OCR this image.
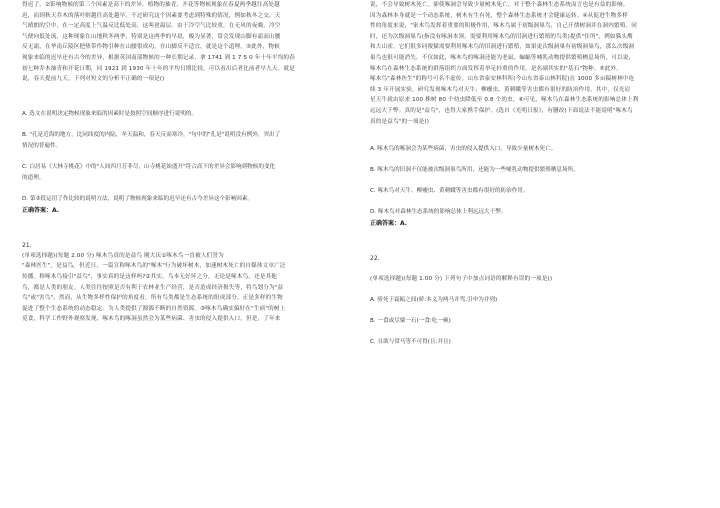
得迟了。②影响物候的第三个因素是高下的差异。植物的抽青、开花等物候现象在春夏两季越往高处越
迟，而到秋天乔木的落叶则越往高处越早。不过研究这个因素要考虑到特殊的情况，例如秋冬之交，天
气晴朗的空中，在一定高度上气温反比低处高，这叫逆温层。由于冷空气比较重，在无风的夜晚，冷空
气便向低处流，这种现象在山地秋冬两季，特别是这两季的早晨，极为显著，常会发现山脚有霜而山腰
反无霜，在华南丘陵区把热带作物引种在山腰很成功，在山脚反不适宜，就是这个道理。③此外，物候
现象来临的迟早还有古今的差异，根据英国南部物候的一种长期记录，拿 1741 到 1 7 5 0 年十年平均的春
初七种乔木抽青和开花日期，同 1921 到 1930 年十年的平均日期比较，可以看出后者比前者早九天。就是
说，春天提前九天。下列对短文的分析不正确的一项是()
A. 选文在说明决定物候现象来临的因素时是按照空间顺序进行说明的。
B. "孔是近海的地方，比同纬度的内陆，冬天温和，春天反而寒冷。"句中的"孔是"说明没有例外，突出了
情况的普遍性。
C. 白居易《大林寺桃花》中的"人间四月芳菲尽，山寺桃花始盛开"符合高下的差异会影响到物候的变化
的道理。
D. 第③段运用了作比较的说明方法，说明了物候现象来临的迟早还有古今差异这个影响因素。
正确答案：A.
21.
(单项选择题)(每题 2.00 分) 啄木鸟真的是益鸟 刚大庆①啄木鸟一直被人们誉为
"森林医生"，是益鸟。但近日，一篇宣称啄木鸟的"啄木"行为破坏树木，加速树木死亡的自媒体文章广泛
传播。称啄木鸟接引"益鸟"，事实真的是这样吗?②其实，鸟本无好坏之分，无论是啄木鸟，还是其他
鸟，都是人类的朋友。人类往往按照是否有利于农林业生产经营，是否造成经济损失等，将鸟划分为"益
鸟"或"害鸟"。然而，从生物多样性保护的角度看，所有鸟类都是生态系统的组成部分，正是多样的生物
促进了整个生态系统的动态稳定。为人类提供了源源不断的自然资源。③啄木鸟确实偏好在"生病"的树上
觅食，科学工作野外观察发现，啄木鸟的啄洞虽然会为某些病菌、害虫的侵入提供入口，但是，了年来
说，不会导致树木死亡。卻使啄洞会导致少量树木死亡，对于整个森林生态系统而言也是有益的影响。
因为森林本身就是一个动态系统，树木有生有死，整个森林生态系统才会健康运转。④从促进生物多样
性的角度来说，"家木鸟发挥着重要的积极作用，啄木鸟属于初级洞巢鸟，自己开凿树洞并在洞内繁殖。同
时，还为次级洞巢鸟(指没有啄洞本领，需要利用啄木鸟的旧洞进行繁殖的鸟类)提供"住所"，例如猫头鹰
和大山雀。它们很多同俊猫需要利用啄木鸟的旧洞进行繁殖，如果更次级洞巢有初级洞巢鸟，那么次级洞
巢鸟也很可能消失。不仅如此，啄木鸟的啄洞还能为老鼠、蝙蝠等哺乳动物提供繁殖栖息场所，可以说，
啄木鸟在森林生态系统的群落组织方面发挥着举足轻重的作用，是名副其实的"基石"物种。⑤此外，
啄木鸟"森林医生"的称号可名不虚传。山东省泰安林科所(今山东省泰山林科院)在 1000 多亩稿树林中连
续 3 年开展实验，研究发现啄木鸟对天牛、柳瘿虫、黄刺蛾等害虫都有很好的防治作用，其中，仅光肩
星天牛就由原来 100 株树 80 个幼虫降低至 0.8 个幼虫。⑥可见，啄木鸟在森林生态系统的影响总体上利
远远大于弊。真的是"益鸟"，也得大家携手保护。(选自《光明日报》，有删改)下面说法不能说明"啄木鸟
真的是益鸟"的一项是()
A. 啄木鸟的啄洞会为某些病菌、害虫的侵入提供入口，导致少量树木死亡。
B. 啄木鸟的旧洞不仅能被次级洞巢鸟所用，还能为一些哺乳动物提供繁殖栖息场所。
C. 啄木鸟对天牛、柳瘿虫、黄刺蛾等害虫都有很好的防治作用。
D. 啄木鸟对森林生态系统的影响总体上利远远大于弊。
正确答案：A.
22.
(单项选择题)(每题 1.00 分) 下列句子中加点词语的解释有误的一项是()
A. 骄死于霜瓯之间(骄:本义为两马并驾,引申为并列)
B. 一食或尽粟一石(一食:吃一顿)
C. 且欲与常马等不可得(且:并且)
